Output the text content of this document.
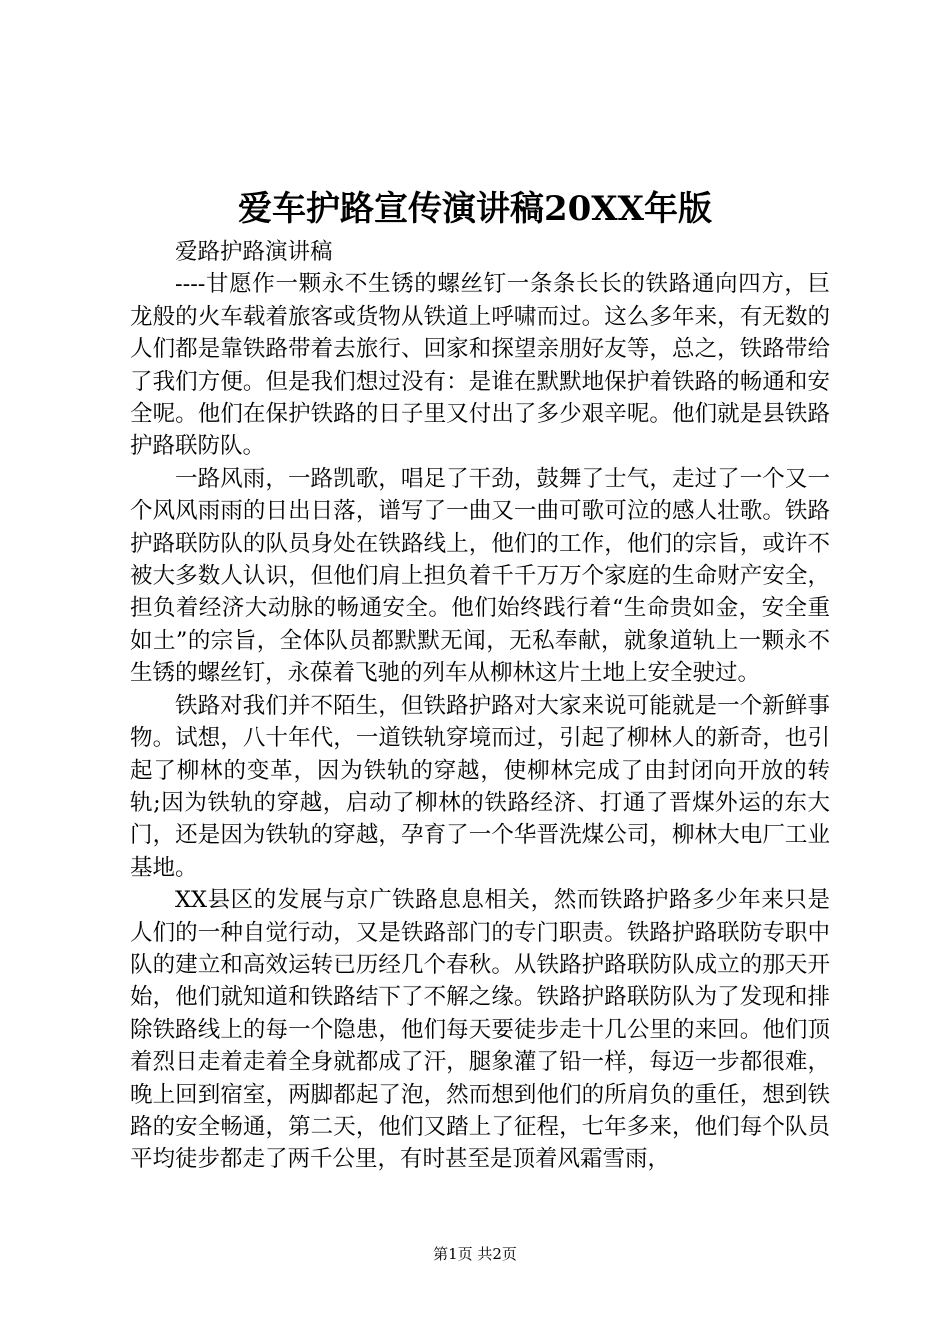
爱车护路宣传演讲稿20XX年版

爱路护路演讲稿

----甘愿作一颗永不生锈的螺丝钉一条条长长的铁路通向四方，巨龙般的火车载着旅客或货物从铁道上呼啸而过。这么多年来，有无数的人们都是靠铁路带着去旅行、回家和探望亲朋好友等，总之，铁路带给了我们方便。但是我们想过没有：是谁在默默地保护着铁路的畅通和安全呢。他们在保护铁路的日子里又付出了多少艰辛呢。他们就是县铁路护路联防队。

一路风雨，一路凯歌，唱足了干劲，鼓舞了士气，走过了一个又一个风风雨雨的日出日落，谱写了一曲又一曲可歌可泣的感人壮歌。铁路护路联防队的队员身处在铁路线上，他们的工作，他们的宗旨，或许不被大多数人认识，但他们肩上担负着千千万万个家庭的生命财产安全，担负着经济大动脉的畅通安全。他们始终践行着“生命贵如金，安全重如土”的宗旨，全体队员都默默无闻，无私奉献，就象道轨上一颗永不生锈的螺丝钉，永葆着飞驰的列车从柳林这片土地上安全驶过。

铁路对我们并不陌生，但铁路护路对大家来说可能就是一个新鲜事物。试想，八十年代，一道铁轨穿境而过，引起了柳林人的新奇，也引起了柳林的变革，因为铁轨的穿越，使柳林完成了由封闭向开放的转轨;因为铁轨的穿越，启动了柳林的铁路经济、打通了晋煤外运的东大门，还是因为铁轨的穿越，孕育了一个华晋洗煤公司，柳林大电厂工业基地。

XX县区的发展与京广铁路息息相关，然而铁路护路多少年来只是人们的一种自觉行动，又是铁路部门的专门职责。铁路护路联防专职中队的建立和高效运转已历经几个春秋。从铁路护路联防队成立的那天开始，他们就知道和铁路结下了不解之缘。铁路护路联防队为了发现和排除铁路线上的每一个隐患，他们每天要徒步走十几公里的来回。他们顶着烈日走着走着全身就都成了汗，腿象灌了铅一样，每迈一步都很难，晚上回到宿室，两脚都起了泡，然而想到他们的所肩负的重任，想到铁路的安全畅通，第二天，他们又踏上了征程，七年多来，他们每个队员平均徒步都走了两千公里，有时甚至是顶着风霜雪雨，

第1页 共2页
